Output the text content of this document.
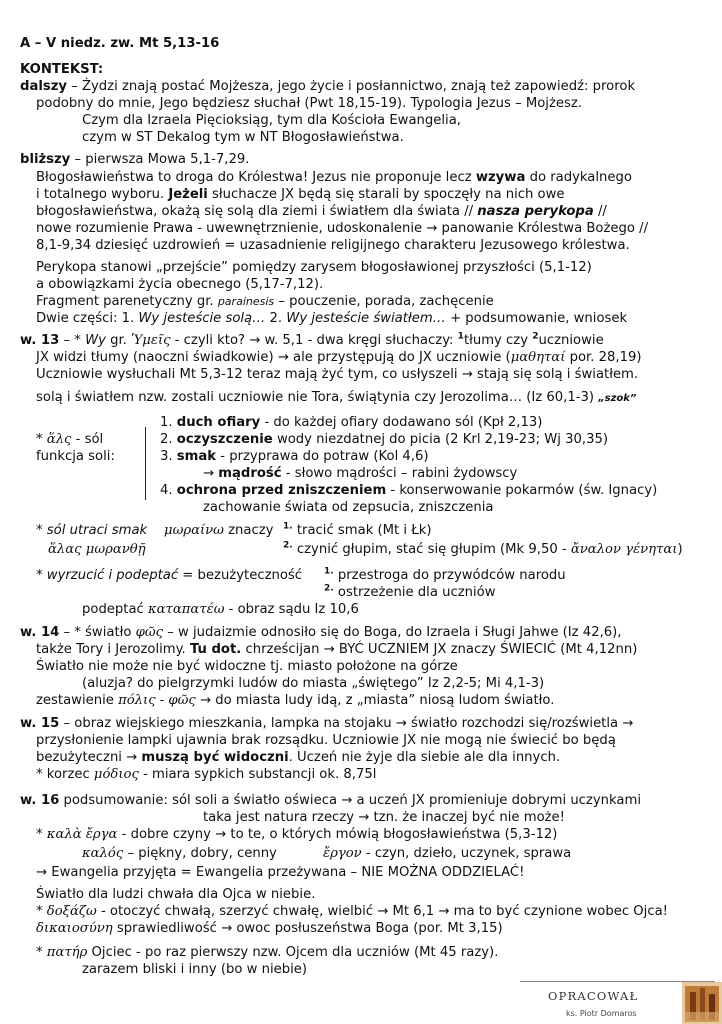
A – V niedz. zw. Mt 5,13-16
KONTEKST:
dalszy – Żydzi znają postać Mojżesza, jego życie i posłannictwo, znają też zapowiedź: prorok
podobny do mnie, Jego będziesz słuchał (Pwt 18,15-19). Typologia Jezus – Mojżesz.
Czym dla Izraela Pięcioksiąg, tym dla Kościoła Ewangelia,
czym w ST Dekalog tym w NT Błogosławieństwa.
bliższy – pierwsza Mowa 5,1-7,29.
Błogosławieństwa to droga do Królestwa! Jezus nie proponuje lecz wzywa do radykalnego
i totalnego wyboru. Jeżeli słuchacze JX będą się starali by spoczęły na nich owe
błogosławieństwa, okażą się solą dla ziemi i światłem dla świata // nasza perykopa //
nowe rozumienie Prawa - uwewnętrznienie, udoskonalenie → panowanie Królestwa Bożego //
8,1-9,34 dziesięć uzdrowień = uzasadnienie religijnego charakteru Jezusowego królestwa.
Perykopa stanowi „przejście” pomiędzy zarysem błogosławionej przyszłości (5,1-12)
a obowiązkami życia obecnego (5,17-7,12).
Fragment parenetyczny gr. parainesis – pouczenie, porada, zachęcenie
Dwie części: 1. Wy jesteście solą… 2. Wy jesteście światłem… + podsumowanie, wniosek
w. 13 – * Wy gr. Ὑμεῖς - czyli kto? → w. 5,1 - dwa kręgi słuchaczy: $^1$tłumy czy $^2$uczniowie
JX widzi tłumy (naoczni świadkowie) → ale przystępują do JX uczniowie (μαθηταί por. 28,19)
Uczniowie wysłuchali Mt 5,3-12 teraz mają żyć tym, co usłyszeli → stają się solą i światłem.
solą i światłem nzw. zostali uczniowie nie Tora, świątynia czy Jerozolima… (Iz 60,1-3) „szok”
* ἅλς - sól
funkcja soli:
1. duch ofiary - do każdej ofiary dodawano sól (Kpł 2,13)
2. oczyszczenie wody niezdatnej do picia (2 Krl 2,19-23; Wj 30,35)
3. smak - przyprawa do potraw (Kol 4,6)
→ mądrość - słowo mądrości – rabini żydowscy
4. ochrona przed zniszczeniem - konserwowanie pokarmów (św. Ignacy)
zachowanie świata od zepsucia, zniszczenia
* sól utraci smak μωραίνω znaczy $^{1.}$ tracić smak (Mt i Łk)
ἅλας μωρανθῇ	$^{2.}$ czynić głupim, stać się głupim (Mk 9,50 - ἄναλον γένηται)
* wyrzucić i podeptać = bezużyteczność $^{1.}$ przestroga do przywódców narodu
$^{2.}$ ostrzeżenie dla uczniów
podeptać καταπατέω - obraz sądu Iz 10,6
w. 14 – * światło φῶς – w judaizmie odnosiło się do Boga, do Izraela i Sługi Jahwe (Iz 42,6),
także Tory i Jerozolimy. Tu dot. chrześcijan → BYĆ UCZNIEM JX znaczy ŚWIECIĆ (Mt 4,12nn)
Światło nie może nie być widoczne tj. miasto położone na górze
(aluzja? do pielgrzymki ludów do miasta „świętego” Iz 2,2-5; Mi 4,1-3)
zestawienie πόλις - φῶς → do miasta ludy idą, z „miasta” niosą ludom światło.
w. 15 – obraz wiejskiego mieszkania, lampka na stojaku → światło rozchodzi się/rozświetla →
przysłonienie lampki ujawnia brak rozsądku. Uczniowie JX nie mogą nie świecić bo będą
bezużyteczni → muszą być widoczni. Uczeń nie żyje dla siebie ale dla innych.
* korzec μόδιος - miara sypkich substancji ok. 8,75l
w. 16 podsumowanie: sól soli a światło oświeca → a uczeń JX promieniuje dobrymi uczynkami
taka jest natura rzeczy → tzn. że inaczej być nie może!
* καλὰ ἔργα - dobre czyny → to te, o których mówią błogosławieństwa (5,3-12)
καλός – piękny, dobry, cenny	ἔργον - czyn, dzieło, uczynek, sprawa
→ Ewangelia przyjęta = Ewangelia przeżywana – NIE MOŻNA ODDZIELAĆ!
Światło dla ludzi chwała dla Ojca w niebie.
* δοξάζω - otoczyć chwałą, szerzyć chwałę, wielbić → Mt 6,1 → ma to być czynione wobec Ojca!
δικαιοσύνη sprawiedliwość → owoc posłuszeństwa Boga (por. Mt 3,15)
* πατήρ Ojciec - po raz pierwszy nzw. Ojcem dla uczniów (Mt 45 razy).
zarazem bliski i inny (bo w niebie)
OPRACOWAŁ
ks. Piotr Domaros
